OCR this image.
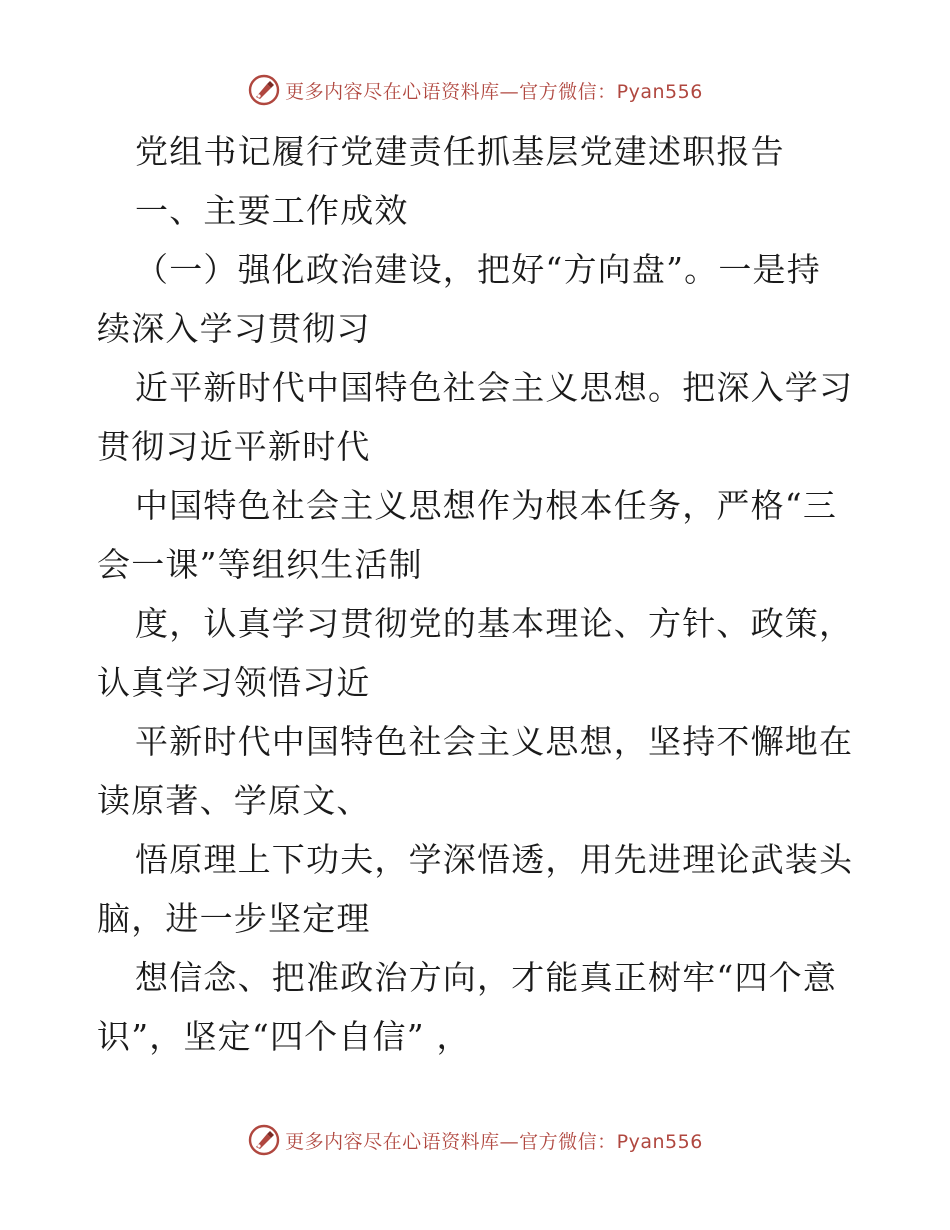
更多内容尽在心语资料库—官方微信：Pyan556
党组书记履行党建责任抓基层党建述职报告
一、主要工作成效
（一）强化政治建设，把好“方向盘”。一是持
续深入学习贯彻习
近平新时代中国特色社会主义思想。把深入学习
贯彻习近平新时代
中国特色社会主义思想作为根本任务，严格“三
会一课”等组织生活制
度，认真学习贯彻党的基本理论、方针、政策，
认真学习领悟习近
平新时代中国特色社会主义思想，坚持不懈地在
读原著、学原文、
悟原理上下功夫，学深悟透，用先进理论武装头
脑，进一步坚定理
想信念、把准政治方向，才能真正树牢“四个意
识”，坚定“四个自信” ，
更多内容尽在心语资料库—官方微信：Pyan556
